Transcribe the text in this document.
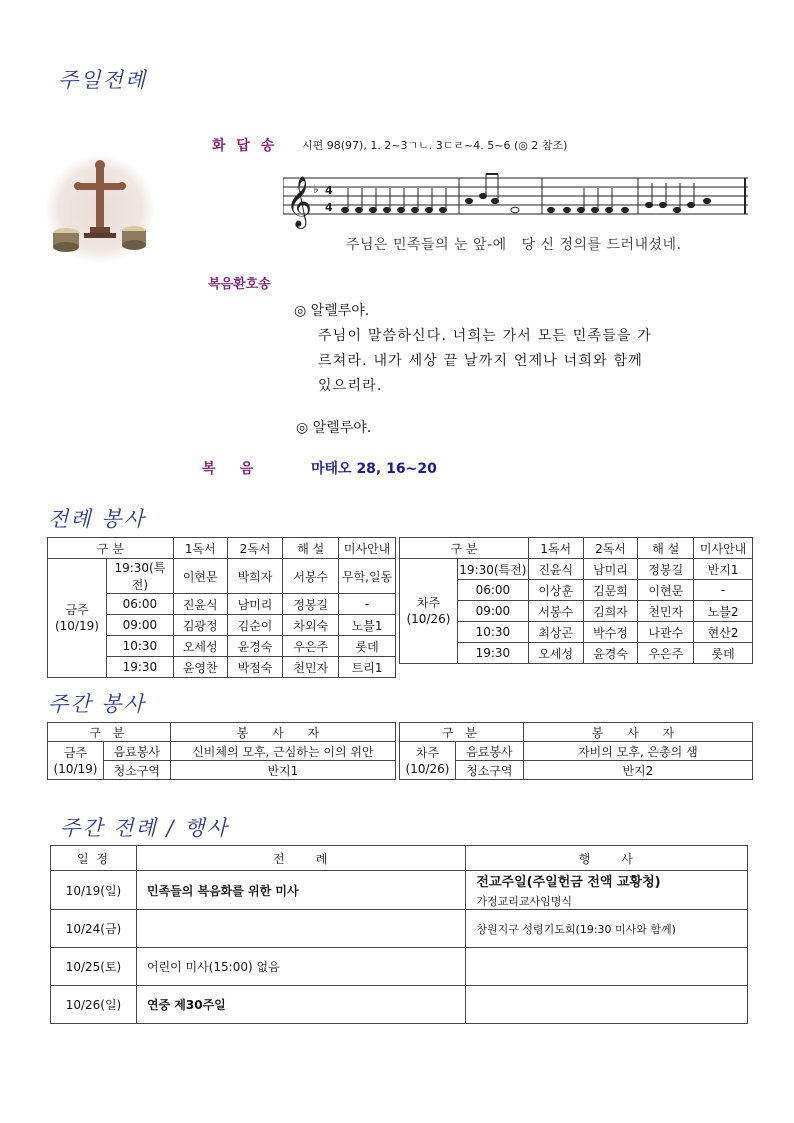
주일전례
화 답 송 시편 98(97), 1. 2~3ㄱㄴ. 3ㄷㄹ~4. 5~6 (◎ 2 참조)
𝄞 ♭ 4
4
주님은 민족들의 눈 앞-에   당 신 정의를 드러내셨네.
복음환호송
◎ 알렐루야.
주님이 말씀하신다. 너희는 가서 모든 민족들을 가
르쳐라. 내가 세상 끝 날까지 언제나 너희와 함께
있으리라.
◎ 알렐루야.
복     음	마태오 28, 16~20
전례 봉사
구 분		1독서	2독서	해 설	미사안내

금주
(10/19)	19:30(특전)	이현문	박희자	서봉수	무학,일동
	06:00	진윤식	남미리	정봉길	-
	09:00	김광정	김순이	차외숙	노블1
	10:30	오세성	윤경숙	우은주	롯데
	19:30	윤영찬	박점숙	천민자	트리1
구 분		1독서	2독서	해 설	미사안내

차주
(10/26)	19:30(특전)	진윤식	남미리	정봉길	반지1
	06:00	이상훈	김문희	이현문	-
	09:00	서봉수	김희자	천민자	노블2
	10:30	최상곤	박수정	나관수	현산2
	19:30	오세성	윤경숙	우은주	롯데
주간 봉사
구 분		봉 사 자

금주
(10/19)	음료봉사	신비체의 모후, 근심하는 이의 위안
	청소구역	반지1
구 분		봉 사 자

차주
(10/26)	음료봉사	자비의 모후, 은총의 샘
	청소구역	반지2
주간 전례 / 행사
일 정	전     례	행     사
10/19(일)	민족들의 복음화를 위한 미사	전교주일(주일헌금 전액 교황청)
가정교리교사임명식

10/24(금)		창원지구 성령기도회(19:30 미사와 함께)
10/25(토)	어린이 미사(15:00) 없음	
10/26(일)	연중 제30주일	
